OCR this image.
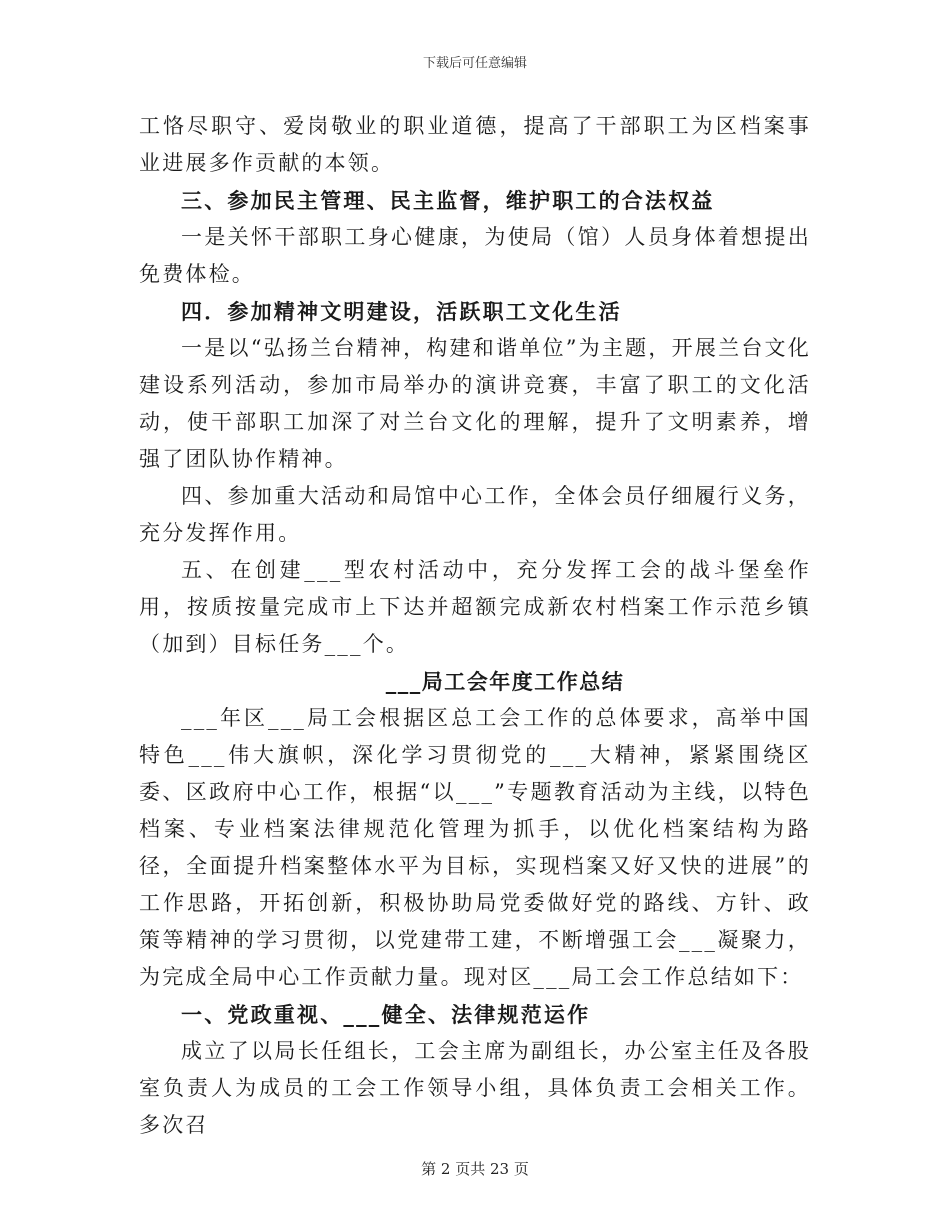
下载后可任意编辑

工恪尽职守、爱岗敬业的职业道德，提高了干部职工为区档案事业进展多作贡献的本领。

三、参加民主管理、民主监督，维护职工的合法权益

一是关怀干部职工身心健康，为使局（馆）人员身体着想提出免费体检。

四．参加精神文明建设，活跃职工文化生活

一是以“弘扬兰台精神，构建和谐单位”为主题，开展兰台文化建设系列活动，参加市局举办的演讲竞赛，丰富了职工的文化活动，使干部职工加深了对兰台文化的理解，提升了文明素养，增强了团队协作精神。

四、参加重大活动和局馆中心工作，全体会员仔细履行义务，充分发挥作用。

五、在创建___型农村活动中，充分发挥工会的战斗堡垒作用，按质按量完成市上下达并超额完成新农村档案工作示范乡镇（加到）目标任务___个。

___局工会年度工作总结

___年区___局工会根据区总工会工作的总体要求，高举中国特色___伟大旗帜，深化学习贯彻党的___大精神，紧紧围绕区委、区政府中心工作，根据“以___”专题教育活动为主线，以特色档案、专业档案法律规范化管理为抓手，以优化档案结构为路径，全面提升档案整体水平为目标，实现档案又好又快的进展”的工作思路，开拓创新，积极协助局党委做好党的路线、方针、政策等精神的学习贯彻，以党建带工建，不断增强工会___凝聚力，为完成全局中心工作贡献力量。现对区___局工会工作总结如下：

一、党政重视、___健全、法律规范运作

成立了以局长任组长，工会主席为副组长，办公室主任及各股室负责人为成员的工会工作领导小组，具体负责工会相关工作。多次召

第 2 页共 23 页
